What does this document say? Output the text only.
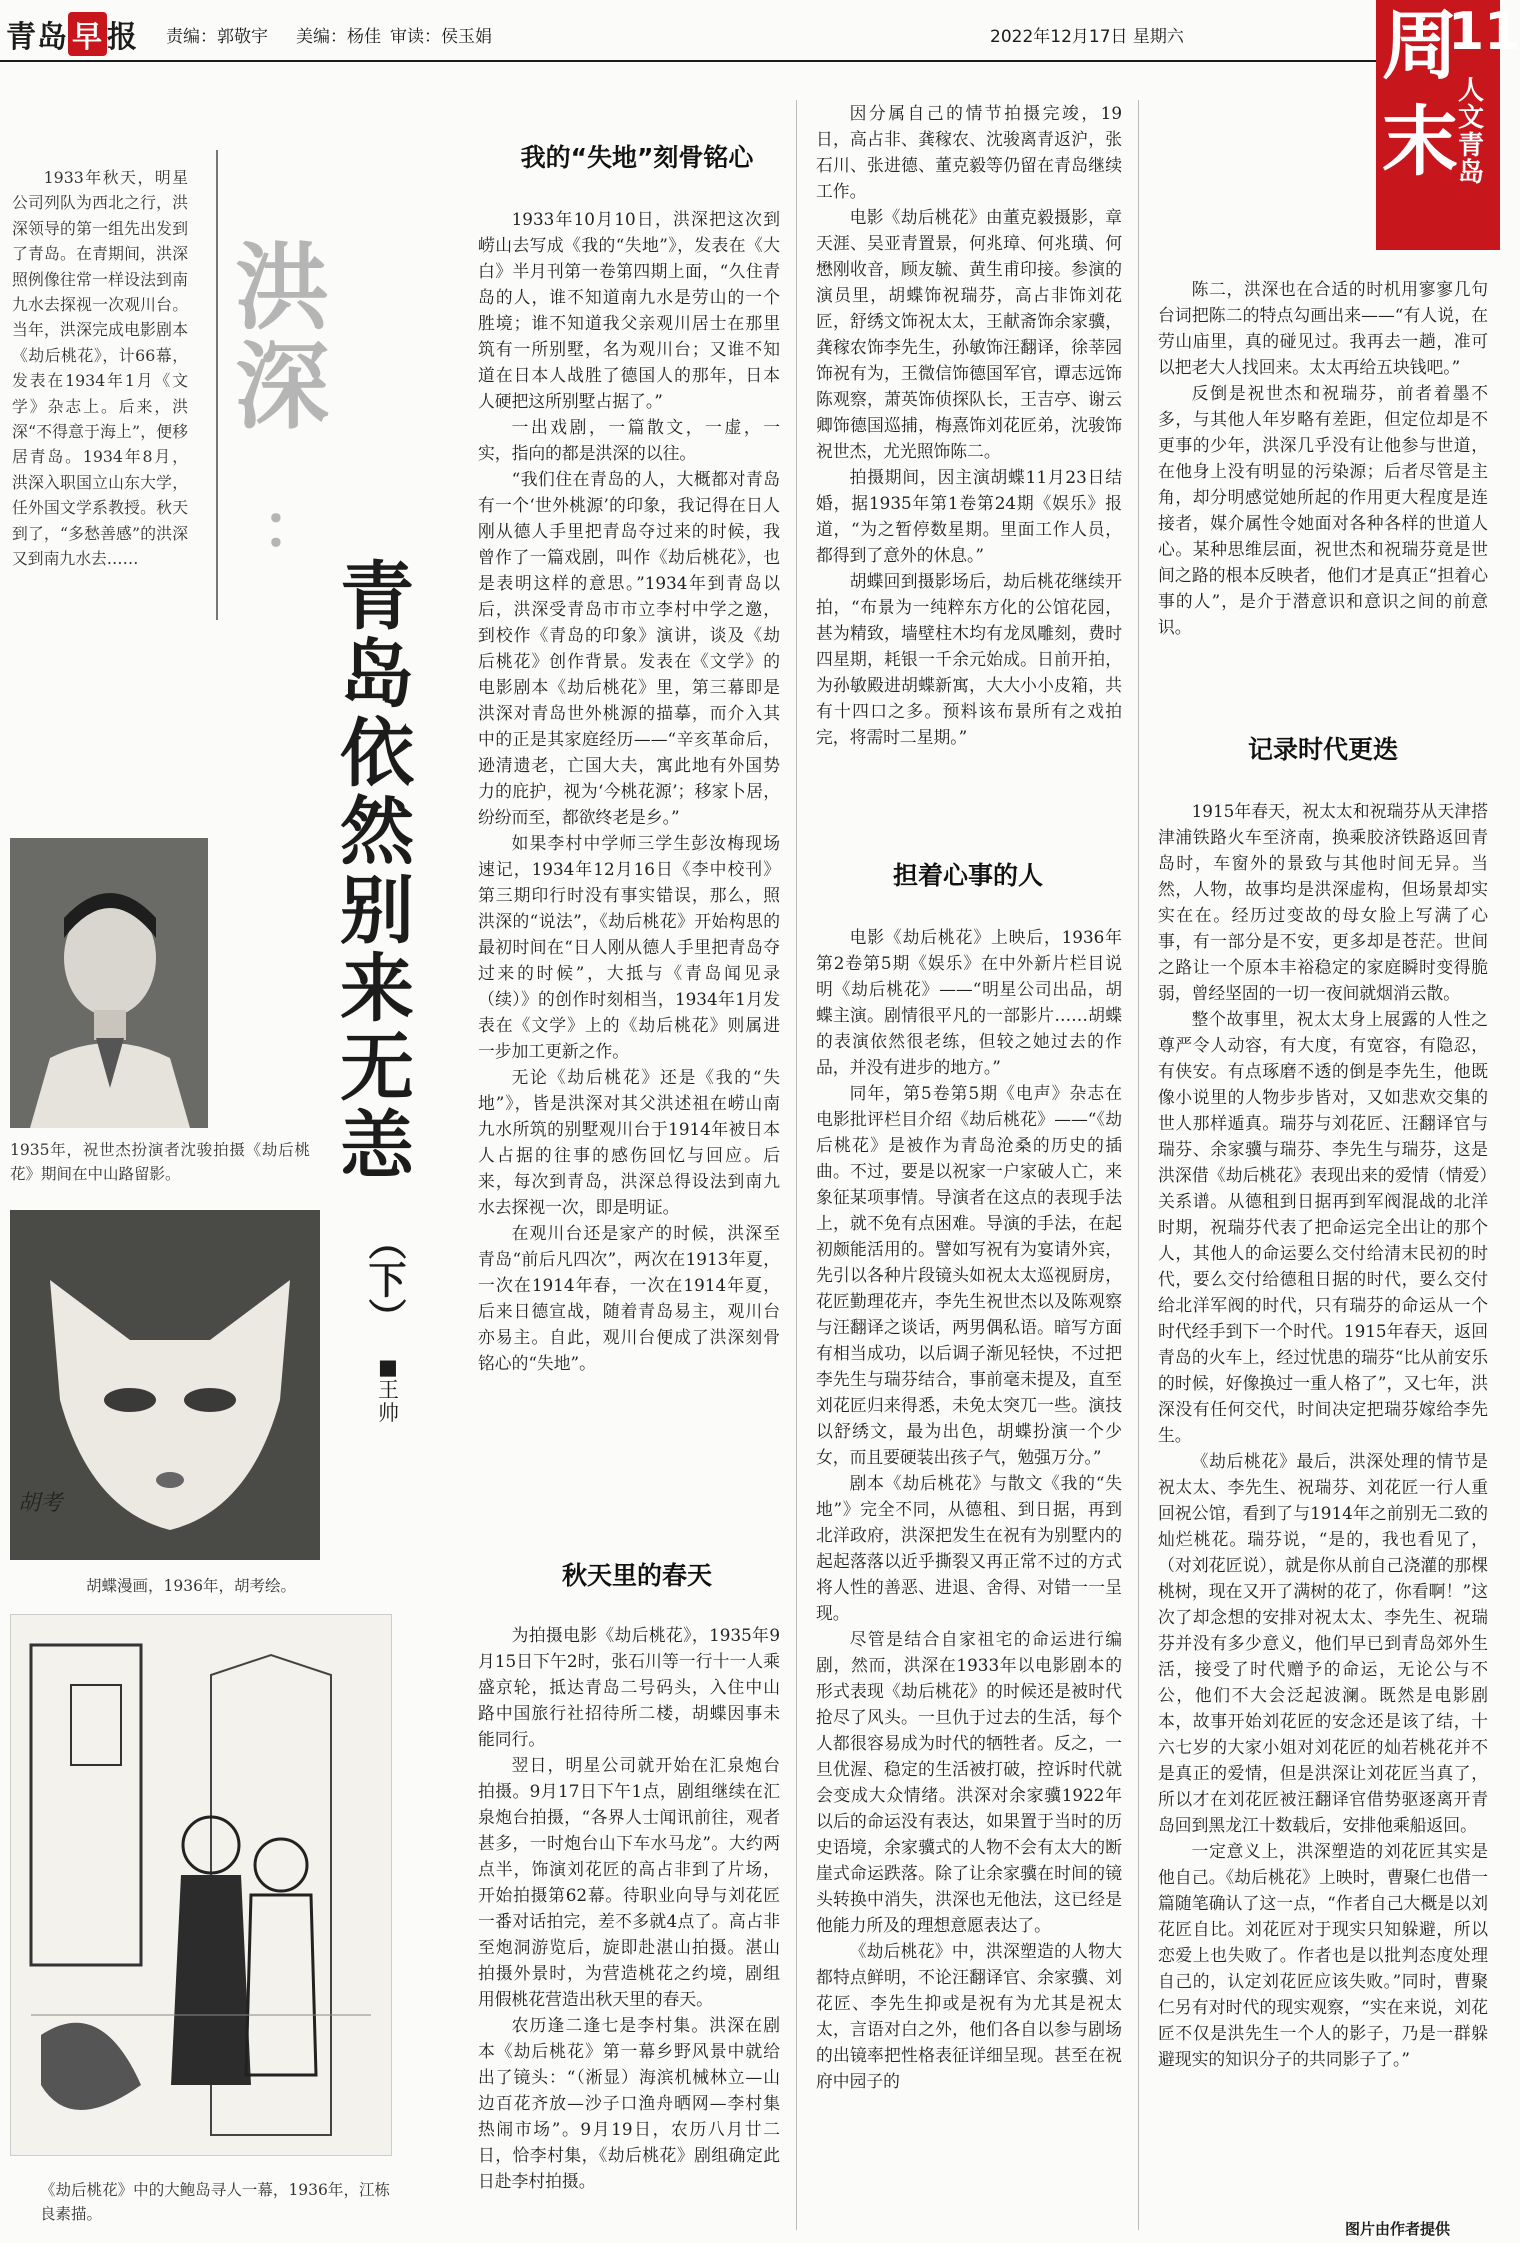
青岛 早 报 责编：郭敬宇 美编：杨佳 审读：侯玉娟	2022年12月17日 星期六	周
11
末
人文青岛
1933年秋天，明星公司列队为西北之行，洪深领导的第一组先出发到了青岛。在青期间，洪深照例像往常一样设法到南九水去探视一次观川台。当年，洪深完成电影剧本《劫后桃花》，计66幕，发表在1934年1月《文学》杂志上。后来，洪深“不得意于海上”，便移居青岛。1934年8月，洪深入职国立山东大学，任外国文学系教授。秋天到了，“多愁善感”的洪深又到南九水去……
洪深
：
青岛依然别来无恙
（下）
■王帅
1935年，祝世杰扮演者沈骏拍摄《劫后桃花》期间在中山路留影。
胡考
胡蝶漫画，1936年，胡考绘。
《劫后桃花》中的大鲍岛寻人一幕，1936年，江栋良素描。
我的“失地”刻骨铭心

1933年10月10日，洪深把这次到崂山去写成《我的“失地”》，发表在《大白》半月刊第一卷第四期上面，“久住青岛的人，谁不知道南九水是劳山的一个胜境；谁不知道我父亲观川居士在那里筑有一所别墅，名为观川台；又谁不知道在日本人战胜了德国人的那年，日本人硬把这所别墅占据了。”

一出戏剧，一篇散文，一虚，一实，指向的都是洪深的以往。

“我们住在青岛的人，大概都对青岛有一个‘世外桃源’的印象，我记得在日人刚从德人手里把青岛夺过来的时候，我曾作了一篇戏剧，叫作《劫后桃花》，也是表明这样的意思。”1934年到青岛以后，洪深受青岛市市立李村中学之邀，到校作《青岛的印象》演讲，谈及《劫后桃花》创作背景。发表在《文学》的电影剧本《劫后桃花》里，第三幕即是洪深对青岛世外桃源的描摹，而介入其中的正是其家庭经历——“辛亥革命后，逊清遗老，亡国大夫，寓此地有外国势力的庇护，视为‘今桃花源’；移家卜居，纷纷而至，都欲终老是乡。”

如果李村中学师三学生彭汝梅现场速记，1934年12月16日《李中校刊》第三期印行时没有事实错误，那么，照洪深的“说法”，《劫后桃花》开始构思的最初时间在“日人刚从德人手里把青岛夺过来的时候”，大抵与《青岛闻见录（续）》的创作时刻相当，1934年1月发表在《文学》上的《劫后桃花》则属进一步加工更新之作。

无论《劫后桃花》还是《我的“失地”》，皆是洪深对其父洪述祖在崂山南九水所筑的别墅观川台于1914年被日本人占据的往事的感伤回忆与回应。后来，每次到青岛，洪深总得设法到南九水去探视一次，即是明证。

在观川台还是家产的时候，洪深至青岛“前后凡四次”，两次在1913年夏，一次在1914年春，一次在1914年夏，后来日德宣战，随着青岛易主，观川台亦易主。自此，观川台便成了洪深刻骨铭心的“失地”。

秋天里的春天

为拍摄电影《劫后桃花》，1935年9月15日下午2时，张石川等一行十一人乘盛京轮，抵达青岛二号码头，入住中山路中国旅行社招待所二楼，胡蝶因事未能同行。

翌日，明星公司就开始在汇泉炮台拍摄。9月17日下午1点，剧组继续在汇泉炮台拍摄，“各界人士闻讯前往，观者甚多，一时炮台山下车水马龙”。大约两点半，饰演刘花匠的高占非到了片场，开始拍摄第62幕。待职业向导与刘花匠一番对话拍完，差不多就4点了。高占非至炮洞游览后，旋即赴湛山拍摄。湛山拍摄外景时，为营造桃花之约境，剧组用假桃花营造出秋天里的春天。

农历逢二逢七是李村集。洪深在剧本《劫后桃花》第一幕乡野风景中就给出了镜头：“（淅显）海滨机械林立—山边百花齐放—沙子口渔舟晒网—李村集热闹市场”。9月19日，农历八月廿二日，恰李村集，《劫后桃花》剧组确定此日赴李村拍摄。

因分属自己的情节拍摄完竣，19日，高占非、龚稼农、沈骏离青返沪，张石川、张进德、董克毅等仍留在青岛继续工作。

电影《劫后桃花》由董克毅摄影，章天涯、吴亚青置景，何兆璋、何兆璜、何懋刚收音，顾友毓、黄生甫印接。参演的演员里，胡蝶饰祝瑞芬，高占非饰刘花匠，舒绣文饰祝太太，王献斋饰余家骥，龚稼农饰李先生，孙敏饰汪翻译，徐莘园饰祝有为，王微信饰德国军官，谭志远饰陈观察，萧英饰侦探队长，王吉亭、谢云卿饰德国巡捕，梅熹饰刘花匠弟，沈骏饰祝世杰，尤光照饰陈二。

拍摄期间，因主演胡蝶11月23日结婚，据1935年第1卷第24期《娱乐》报道，“为之暂停数星期。里面工作人员，都得到了意外的休息。”

胡蝶回到摄影场后，劫后桃花继续开拍，“布景为一纯粹东方化的公馆花园，甚为精致，墙壁柱木均有龙凤雕刻，费时四星期，耗银一千余元始成。日前开拍，为孙敏殿进胡蝶新寓，大大小小皮箱，共有十四口之多。预料该布景所有之戏拍完，将需时二星期。”

担着心事的人

电影《劫后桃花》上映后，1936年第2卷第5期《娱乐》在中外新片栏目说明《劫后桃花》——“明星公司出品，胡蝶主演。剧情很平凡的一部影片……胡蝶的表演依然很老练，但较之她过去的作品，并没有进步的地方。”

同年，第5卷第5期《电声》杂志在电影批评栏目介绍《劫后桃花》——“《劫后桃花》是被作为青岛沧桑的历史的插曲。不过，要是以祝家一户家破人亡，来象征某项事情。导演者在这点的表现手法上，就不免有点困难。导演的手法，在起初颇能活用的。譬如写祝有为宴请外宾，先引以各种片段镜头如祝太太巡视厨房，花匠勤理花卉，李先生祝世杰以及陈观察与汪翻译之谈话，两男偶私语。暗写方面有相当成功，以后调子渐见轻快，不过把李先生与瑞芬结合，事前毫未提及，直至刘花匠归来得悉，未免太突兀一些。演技以舒绣文，最为出色，胡蝶扮演一个少女，而且要硬装出孩子气，勉强万分。”

剧本《劫后桃花》与散文《我的“失地”》完全不同，从德租、到日据，再到北洋政府，洪深把发生在祝有为别墅内的起起落落以近乎撕裂又再正常不过的方式将人性的善恶、进退、舍得、对错一一呈现。

尽管是结合自家祖宅的命运进行编剧，然而，洪深在1933年以电影剧本的形式表现《劫后桃花》的时候还是被时代抢尽了风头。一旦仇于过去的生活，每个人都很容易成为时代的牺牲者。反之，一旦优渥、稳定的生活被打破，控诉时代就会变成大众情绪。洪深对余家骥1922年以后的命运没有表达，如果置于当时的历史语境，余家骥式的人物不会有太大的断崖式命运跌落。除了让余家骥在时间的镜头转换中消失，洪深也无他法，这已经是他能力所及的理想意愿表达了。

《劫后桃花》中，洪深塑造的人物大都特点鲜明，不论汪翻译官、余家骥、刘花匠、李先生抑或是祝有为尤其是祝太太，言语对白之外，他们各自以参与剧场的出镜率把性格表征详细呈现。甚至在祝府中园子的

陈二，洪深也在合适的时机用寥寥几句台词把陈二的特点勾画出来——“有人说，在劳山庙里，真的碰见过。我再去一趟，准可以把老大人找回来。太太再给五块钱吧。”

反倒是祝世杰和祝瑞芬，前者着墨不多，与其他人年岁略有差距，但定位却是不更事的少年，洪深几乎没有让他参与世道，在他身上没有明显的污染源；后者尽管是主角，却分明感觉她所起的作用更大程度是连接者，媒介属性令她面对各种各样的世道人心。某种思维层面，祝世杰和祝瑞芬竟是世间之路的根本反映者，他们才是真正“担着心事的人”，是介于潜意识和意识之间的前意识。

记录时代更迭

1915年春天，祝太太和祝瑞芬从天津搭津浦铁路火车至济南，换乘胶济铁路返回青岛时，车窗外的景致与其他时间无异。当然，人物，故事均是洪深虚构，但场景却实实在在。经历过变故的母女脸上写满了心事，有一部分是不安，更多却是苍茫。世间之路让一个原本丰裕稳定的家庭瞬时变得脆弱，曾经坚固的一切一夜间就烟消云散。

整个故事里，祝太太身上展露的人性之尊严令人动容，有大度，有宽容，有隐忍，有侠安。有点琢磨不透的倒是李先生，他既像小说里的人物步步皆对，又如悲欢交集的世人那样遁真。瑞芬与刘花匠、汪翻译官与瑞芬、余家骥与瑞芬、李先生与瑞芬，这是洪深借《劫后桃花》表现出来的爱情（情爱）关系谱。从德租到日据再到军阀混战的北洋时期，祝瑞芬代表了把命运完全出让的那个人，其他人的命运要么交付给清末民初的时代，要么交付给德租日据的时代，要么交付给北洋军阀的时代，只有瑞芬的命运从一个时代经手到下一个时代。1915年春天，返回青岛的火车上，经过忧患的瑞芬“比从前安乐的时候，好像换过一重人格了”，又七年，洪深没有任何交代，时间决定把瑞芬嫁给李先生。

《劫后桃花》最后，洪深处理的情节是祝太太、李先生、祝瑞芬、刘花匠一行人重回祝公馆，看到了与1914年之前别无二致的灿烂桃花。瑞芬说，“是的，我也看见了，（对刘花匠说），就是你从前自己浇灌的那棵桃树，现在又开了满树的花了，你看啊！”这次了却念想的安排对祝太太、李先生、祝瑞芬并没有多少意义，他们早已到青岛郊外生活，接受了时代赠予的命运，无论公与不公，他们不大会泛起波澜。既然是电影剧本，故事开始刘花匠的安念还是该了结，十六七岁的大家小姐对刘花匠的灿若桃花并不是真正的爱情，但是洪深让刘花匠当真了，所以才在刘花匠被汪翻译官借势驱逐离开青岛回到黑龙江十数载后，安排他乘船返回。

一定意义上，洪深塑造的刘花匠其实是他自己。《劫后桃花》上映时，曹聚仁也借一篇随笔确认了这一点，“作者自己大概是以刘花匠自比。刘花匠对于现实只知躲避，所以恋爱上也失败了。作者也是以批判态度处理自己的，认定刘花匠应该失败。”同时，曹聚仁另有对时代的现实观察，“实在来说，刘花匠不仅是洪先生一个人的影子，乃是一群躲避现实的知识分子的共同影子了。”

图片由作者提供
